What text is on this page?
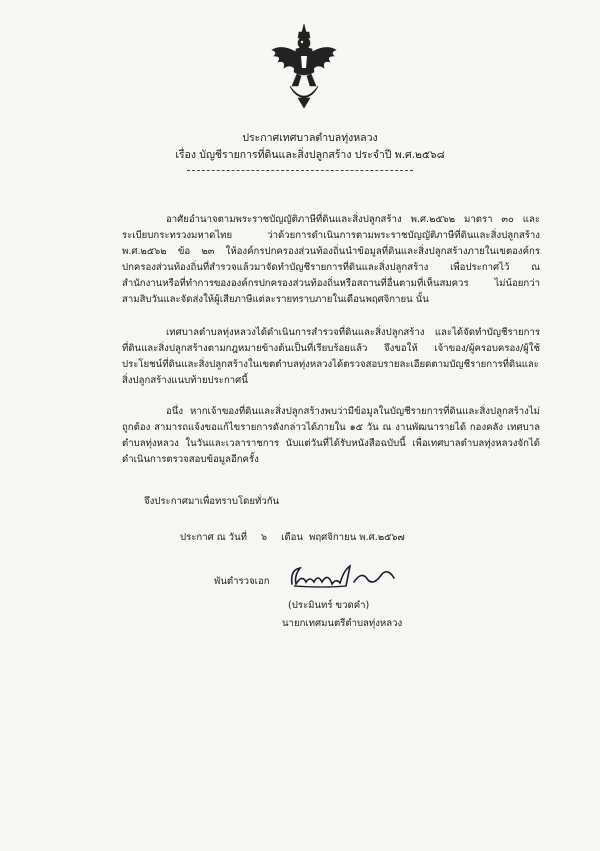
ประกาศเทศบาลตำบลทุ่งหลวง
เรื่อง บัญชีรายการที่ดินและสิ่งปลูกสร้าง ประจำปี พ.ศ.๒๕๖๘
อาศัยอำนาจตามพระราชบัญญัติภาษีที่ดินและสิ่งปลูกสร้าง พ.ศ.๒๕๖๒ มาตรา ๓๐ และระเบียบกระทรวงมหาดไทย ว่าด้วยการดำเนินการตามพระราชบัญญัติภาษีที่ดินและสิ่งปลูกสร้าง พ.ศ.๒๕๖๒ ข้อ ๒๓ ให้องค์กรปกครองส่วนท้องถิ่นนำข้อมูลที่ดินและสิ่งปลูกสร้างภายในเขตองค์กรปกครองส่วนท้องถิ่นที่สำรวจแล้วมาจัดทำบัญชีรายการที่ดินและสิ่งปลูกสร้าง เพื่อประกาศไว้ ณ สำนักงานหรือที่ทำการขององค์กรปกครองส่วนท้องถิ่นหรือสถานที่อื่นตามที่เห็นสมควร ไม่น้อยกว่าสามสิบวันและจัดส่งให้ผู้เสียภาษีแต่ละรายทราบภายในเดือนพฤศจิกายน นั้น
เทศบาลตำบลทุ่งหลวงได้ดำเนินการสำรวจที่ดินและสิ่งปลูกสร้าง และได้จัดทำบัญชีรายการที่ดินและสิ่งปลูกสร้างตามกฎหมายข้างต้นเป็นที่เรียบร้อยแล้ว จึงขอให้ เจ้าของ/ผู้ครอบครอง/ผู้ใช้ประโยชน์ที่ดินและสิ่งปลูกสร้างในเขตตำบลทุ่งหลวงได้ตรวจสอบรายละเอียดตามบัญชีรายการที่ดินและสิ่งปลูกสร้างแนบท้ายประกาศนี้
อนึ่ง หากเจ้าของที่ดินและสิ่งปลูกสร้างพบว่ามีข้อมูลในบัญชีรายการที่ดินและสิ่งปลูกสร้างไม่ถูกต้อง สามารถแจ้งขอแก้ไขรายการดังกล่าวได้ภายใน ๑๕ วัน ณ งานพัฒนารายได้ กองคลัง เทศบาลตำบลทุ่งหลวง ในวันและเวลาราชการ นับแต่วันที่ได้รับหนังสือฉบับนี้ เพื่อเทศบาลตำบลทุ่งหลวงจักได้ดำเนินการตรวจสอบข้อมูลอีกครั้ง
จึงประกาศมาเพื่อทราบโดยทั่วกัน
ประกาศ ณ วันที่ ๖ เดือน พฤศจิกายน พ.ศ.๒๕๖๗
พันตำรวจเอก
(ประมินทร์ ขวดคำ)
นายกเทศมนตรีตำบลทุ่งหลวง
